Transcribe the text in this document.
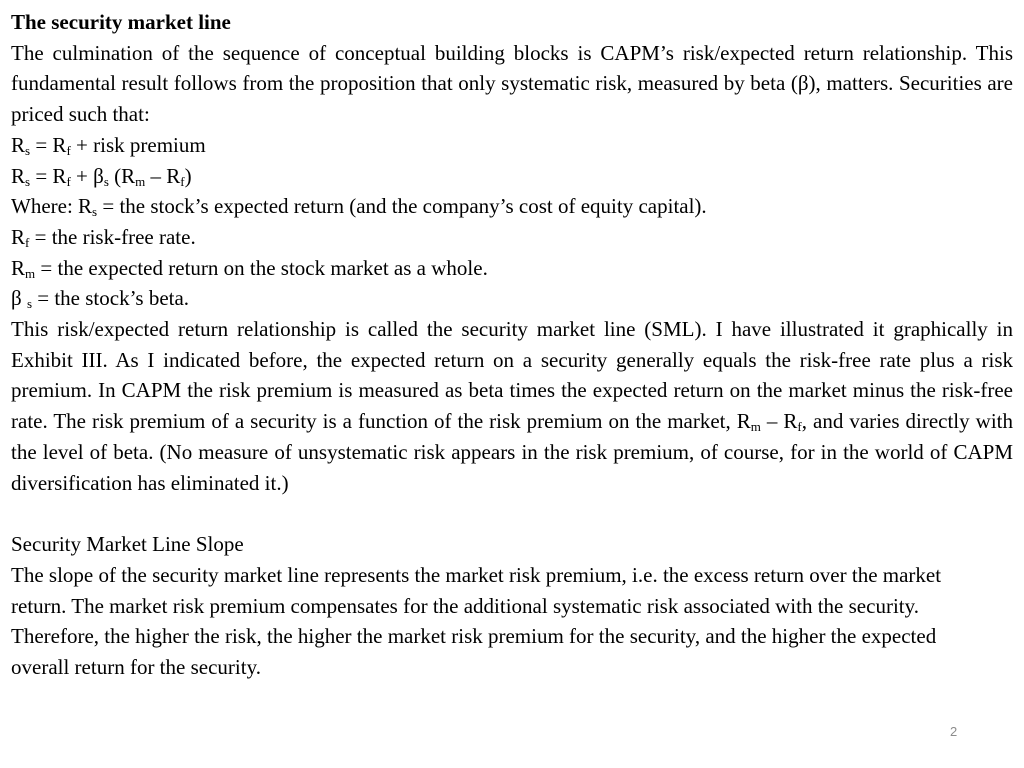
The security market line

The culmination of the sequence of conceptual building blocks is CAPM’s risk/expected return relationship. This fundamental result follows from the proposition that only systematic risk, measured by beta (β), matters. Securities are priced such that:

$R_s = R_f$ + risk premium

$R_s = R_f + \beta_s$ $(R_m - R_f)$

Where: $R_s$ = the stock’s expected return (and the company’s cost of equity capital).

$R_f$ = the risk-free rate.

$R_m$ = the expected return on the stock market as a whole.

β $_s$ = the stock’s beta.

This risk/expected return relationship is called the security market line (SML). I have illustrated it graphically in Exhibit III. As I indicated before, the expected return on a security generally equals the risk-free rate plus a risk premium. In CAPM the risk premium is measured as beta times the expected return on the market minus the risk-free rate. The risk premium of a security is a function of the risk premium on the market, $R_m - R_f$, and varies directly with the level of beta. (No measure of unsystematic risk appears in the risk premium, of course, for in the world of CAPM diversification has eliminated it.)

Security Market Line Slope

The slope of the security market line represents the market risk premium, i.e. the excess return over the market return. The market risk premium compensates for the additional systematic risk associated with the security. Therefore, the higher the risk, the higher the market risk premium for the security, and the higher the expected overall return for the security.

2
